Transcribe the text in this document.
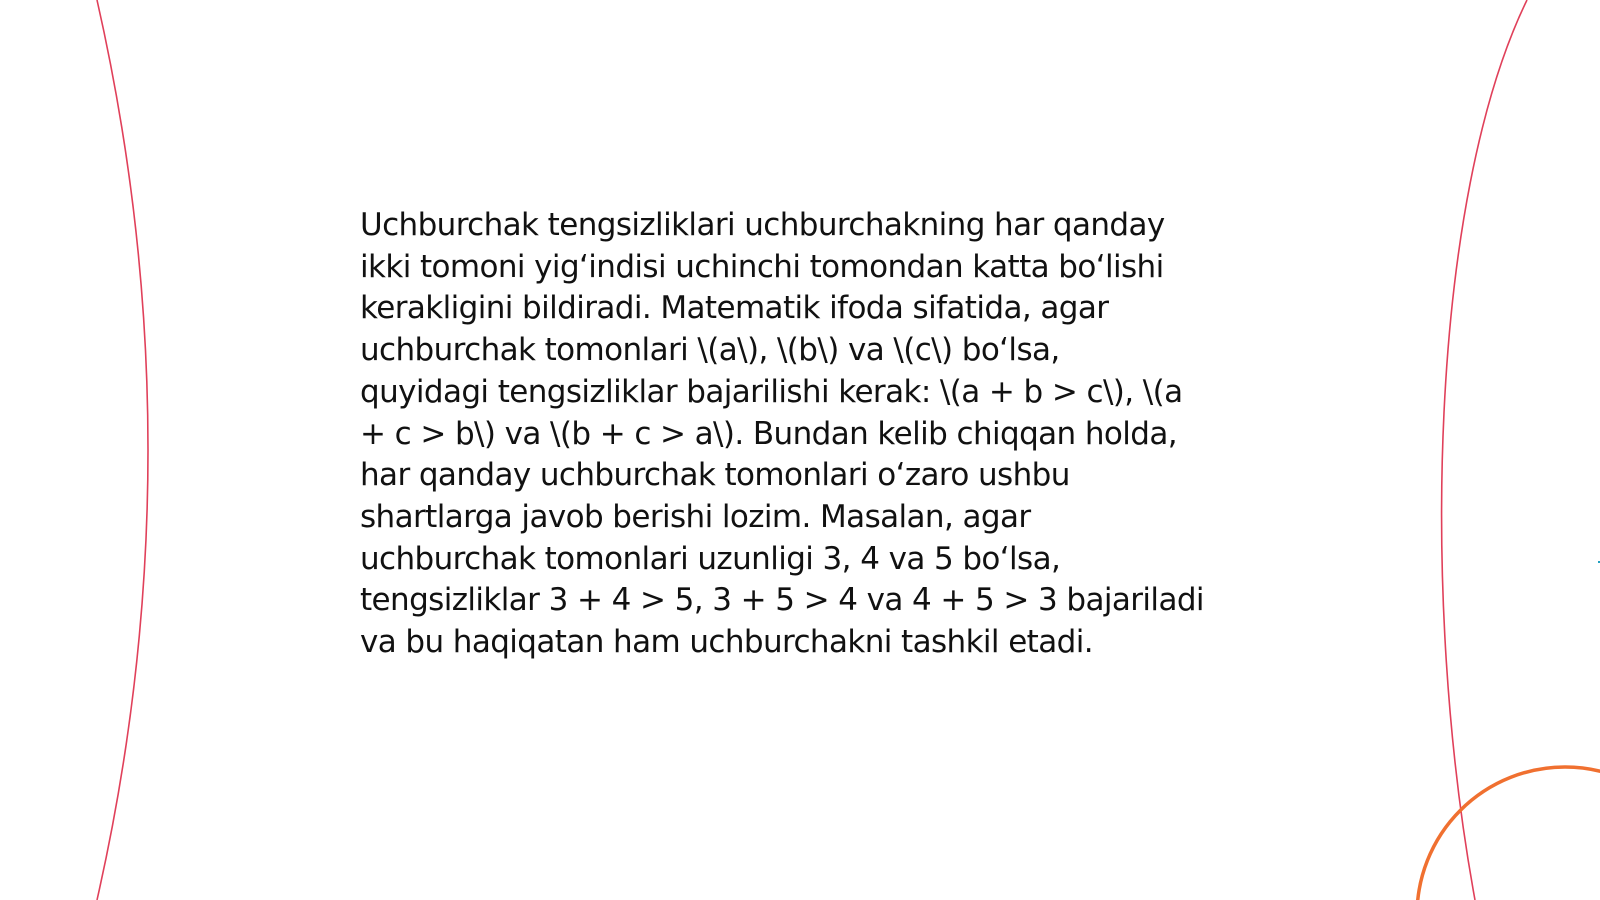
Uchburchak tengsizliklari uchburchakning har qanday
ikki tomoni yig‘indisi uchinchi tomondan katta bo‘lishi
kerakligini bildiradi. Matematik ifoda sifatida, agar
uchburchak tomonlari \(a\), \(b\) va \(c\) bo‘lsa,
quyidagi tengsizliklar bajarilishi kerak: \(a + b > c\), \(a
+ c > b\) va \(b + c > a\). Bundan kelib chiqqan holda,
har qanday uchburchak tomonlari o‘zaro ushbu
shartlarga javob berishi lozim. Masalan, agar
uchburchak tomonlari uzunligi 3, 4 va 5 bo‘lsa,
tengsizliklar 3 + 4 > 5, 3 + 5 > 4 va 4 + 5 > 3 bajariladi
va bu haqiqatan ham uchburchakni tashkil etadi.
